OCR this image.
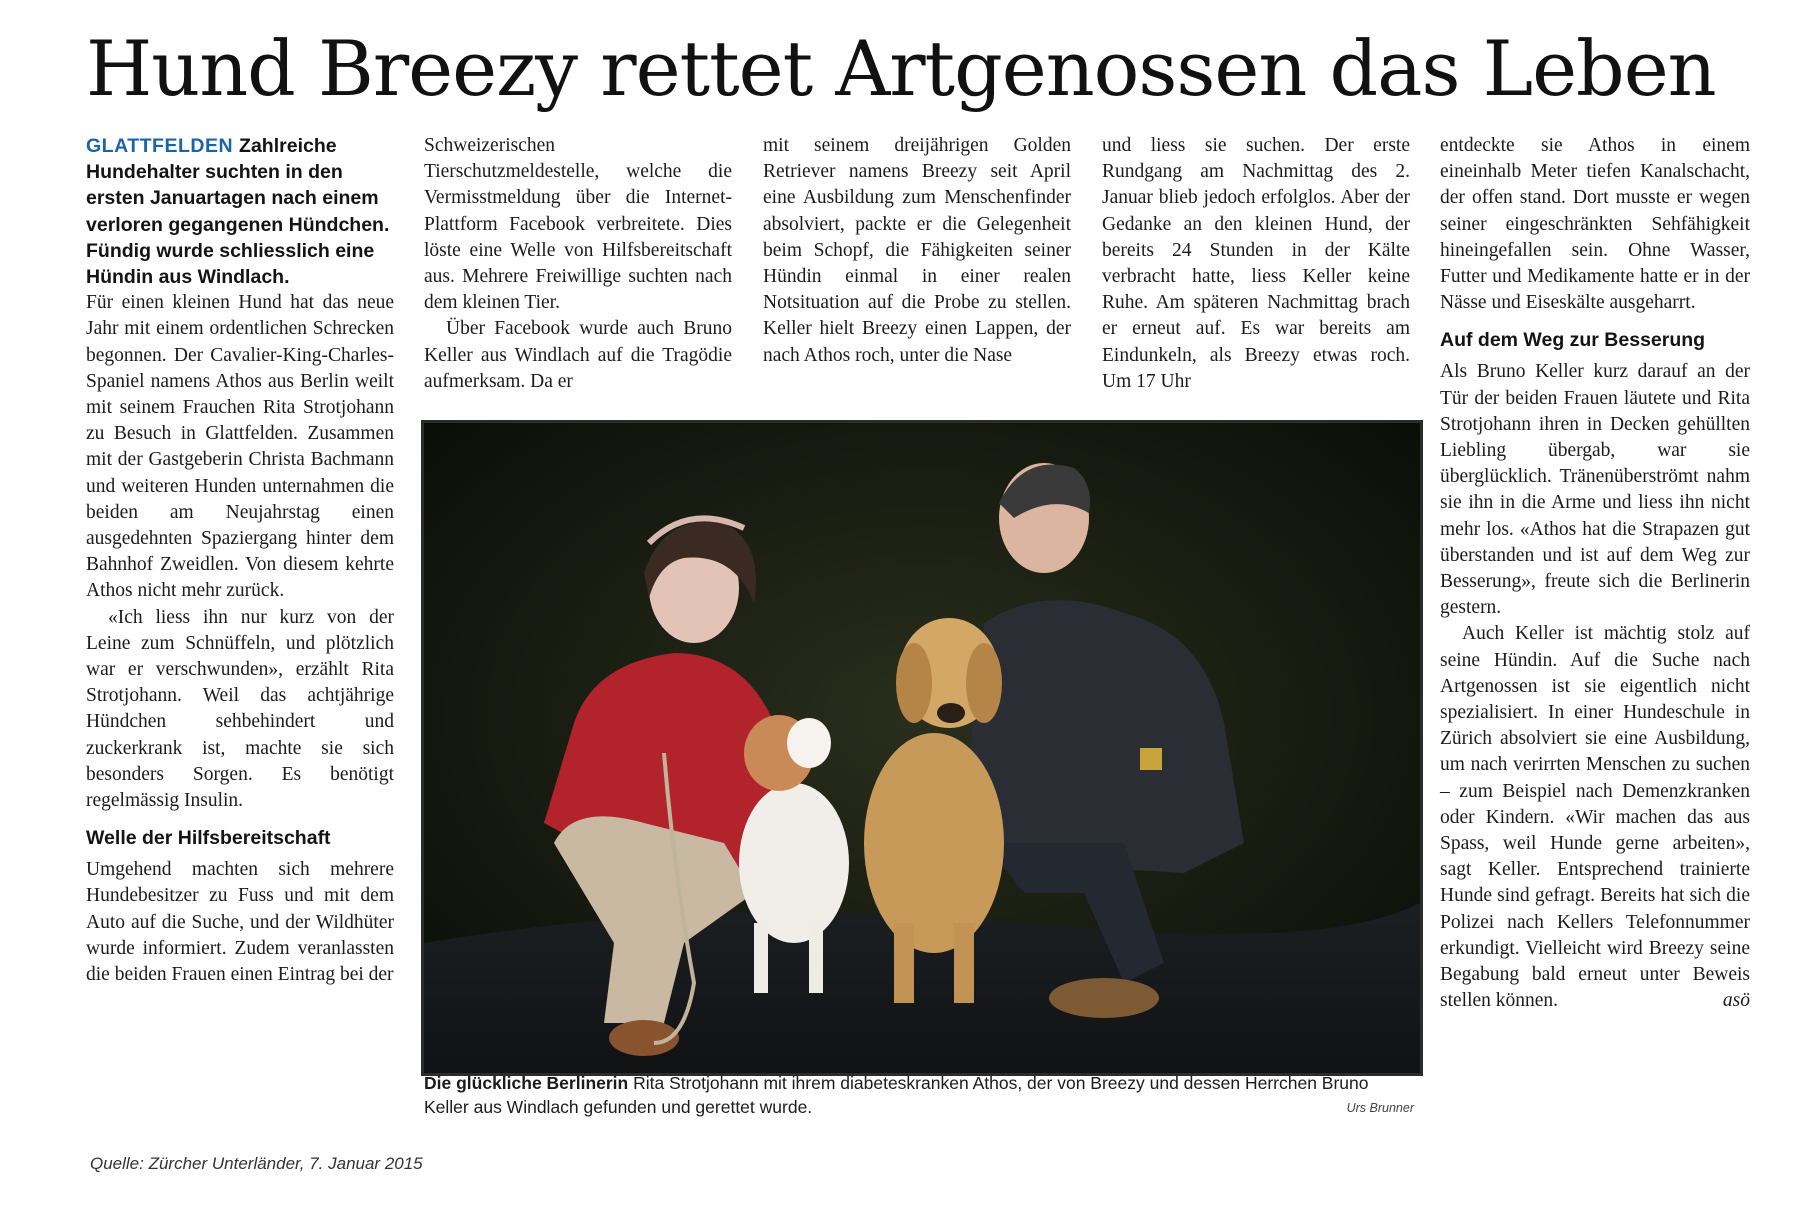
Hund Breezy rettet Artgenossen das Leben

GLATTFELDEN Zahlreiche Hundehalter suchten in den ersten Januartagen nach einem verloren gegangenen Hündchen. Fündig wurde schliesslich eine Hündin aus Windlach.

Für einen kleinen Hund hat das neue Jahr mit einem ordentlichen Schrecken begonnen. Der Cavalier-King-Charles-Spaniel namens Athos aus Berlin weilt mit seinem Frauchen Rita Strotjohann zu Besuch in Glattfelden. Zusammen mit der Gastgeberin Christa Bachmann und weiteren Hunden unternahmen die beiden am Neujahrstag einen ausgedehnten Spaziergang hinter dem Bahnhof Zweidlen. Von diesem kehrte Athos nicht mehr zurück.

«Ich liess ihn nur kurz von der Leine zum Schnüffeln, und plötzlich war er verschwunden», erzählt Rita Strotjohann. Weil das achtjährige Hündchen sehbehindert und zuckerkrank ist, machte sie sich besonders Sorgen. Es benötigt regelmässig Insulin.

Welle der Hilfsbereitschaft

Umgehend machten sich mehrere Hundebesitzer zu Fuss und mit dem Auto auf die Suche, und der Wildhüter wurde informiert. Zudem veranlassten die beiden Frauen einen Eintrag bei der

Schweizerischen Tierschutzmeldestelle, welche die Vermisstmeldung über die Internet-Plattform Facebook verbreitete. Dies löste eine Welle von Hilfsbereitschaft aus. Mehrere Freiwillige suchten nach dem kleinen Tier.

Über Facebook wurde auch Bruno Keller aus Windlach auf die Tragödie aufmerksam. Da er

mit seinem dreijährigen Golden Retriever namens Breezy seit April eine Ausbildung zum Menschenfinder absolviert, packte er die Gelegenheit beim Schopf, die Fähigkeiten seiner Hündin einmal in einer realen Notsituation auf die Probe zu stellen. Keller hielt Breezy einen Lappen, der nach Athos roch, unter die Nase

und liess sie suchen. Der erste Rundgang am Nachmittag des 2. Januar blieb jedoch erfolglos. Aber der Gedanke an den kleinen Hund, der bereits 24 Stunden in der Kälte verbracht hatte, liess Keller keine Ruhe. Am späteren Nachmittag brach er erneut auf. Es war bereits am Eindunkeln, als Breezy etwas roch. Um 17 Uhr

entdeckte sie Athos in einem eineinhalb Meter tiefen Kanalschacht, der offen stand. Dort musste er wegen seiner eingeschränkten Sehfähigkeit hineingefallen sein. Ohne Wasser, Futter und Medikamente hatte er in der Nässe und Eiseskälte ausgeharrt.

Auf dem Weg zur Besserung

Als Bruno Keller kurz darauf an der Tür der beiden Frauen läutete und Rita Strotjohann ihren in Decken gehüllten Liebling übergab, war sie überglücklich. Tränenüberströmt nahm sie ihn in die Arme und liess ihn nicht mehr los. «Athos hat die Strapazen gut überstanden und ist auf dem Weg zur Besserung», freute sich die Berlinerin gestern.

Auch Keller ist mächtig stolz auf seine Hündin. Auf die Suche nach Artgenossen ist sie eigentlich nicht spezialisiert. In einer Hundeschule in Zürich absolviert sie eine Ausbildung, um nach verirrten Menschen zu suchen – zum Beispiel nach Demenzkranken oder Kindern. «Wir machen das aus Spass, weil Hunde gerne arbeiten», sagt Keller. Entsprechend trainierte Hunde sind gefragt. Bereits hat sich die Polizei nach Kellers Telefonnummer erkundigt. Vielleicht wird Breezy seine Begabung bald erneut unter Beweis stellen können.	asö

Die glückliche Berlinerin Rita Strotjohann mit ihrem diabeteskranken Athos, der von Breezy und dessen Herrchen Bruno Keller aus Windlach gefunden und gerettet wurde.	Urs Brunner
Quelle: Zürcher Unterländer, 7. Januar 2015
